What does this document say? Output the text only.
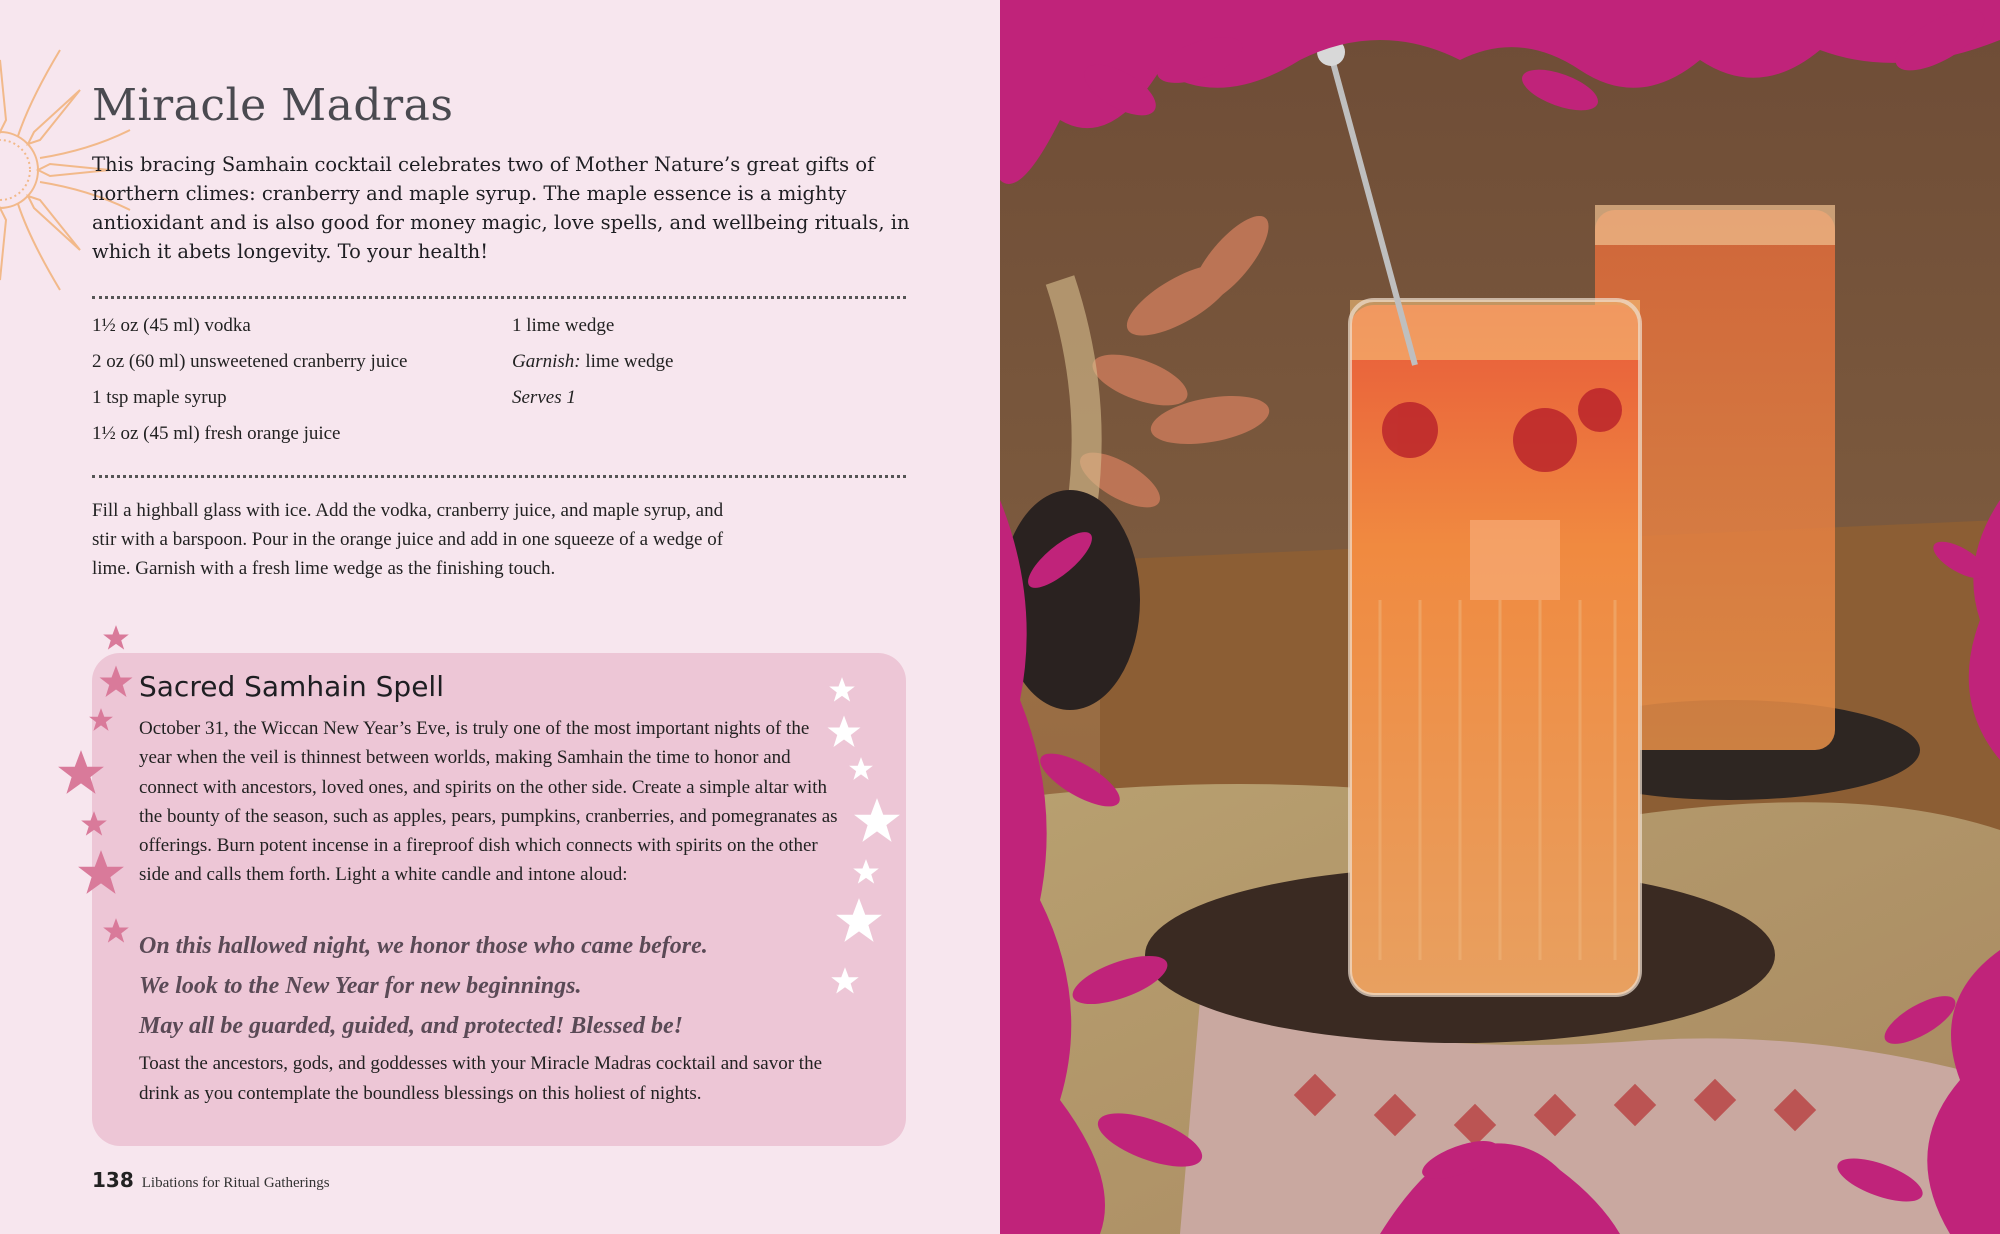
Miracle Madras

This bracing Samhain cocktail celebrates two of Mother Nature’s great gifts of northern climes: cranberry and maple syrup. The maple essence is a mighty antioxidant and is also good for money magic, love spells, and wellbeing rituals, in which it abets longevity. To your health!

1½ oz (45 ml) vodka
2 oz (60 ml) unsweetened cranberry juice
1 tsp maple syrup
1½ oz (45 ml) fresh orange juice
1 lime wedge
Garnish: lime wedge
Serves 1

Fill a highball glass with ice. Add the vodka, cranberry juice, and maple syrup, and stir with a barspoon. Pour in the orange juice and add in one squeeze of a wedge of lime. Garnish with a fresh lime wedge as the finishing touch.

Sacred Samhain Spell

October 31, the Wiccan New Year’s Eve, is truly one of the most important nights of the year when the veil is thinnest between worlds, making Samhain the time to honor and connect with ancestors, loved ones, and spirits on the other side. Create a simple altar with the bounty of the season, such as apples, pears, pumpkins, cranberries, and pomegranates as offerings. Burn potent incense in a fireproof dish which connects with spirits on the other side and calls them forth. Light a white candle and intone aloud:

On this hallowed night, we honor those who came before.
We look to the New Year for new beginnings.
May all be guarded, guided, and protected! Blessed be!

Toast the ancestors, gods, and goddesses with your Miracle Madras cocktail and savor the drink as you contemplate the boundless blessings on this holiest of nights.

138 Libations for Ritual Gatherings
